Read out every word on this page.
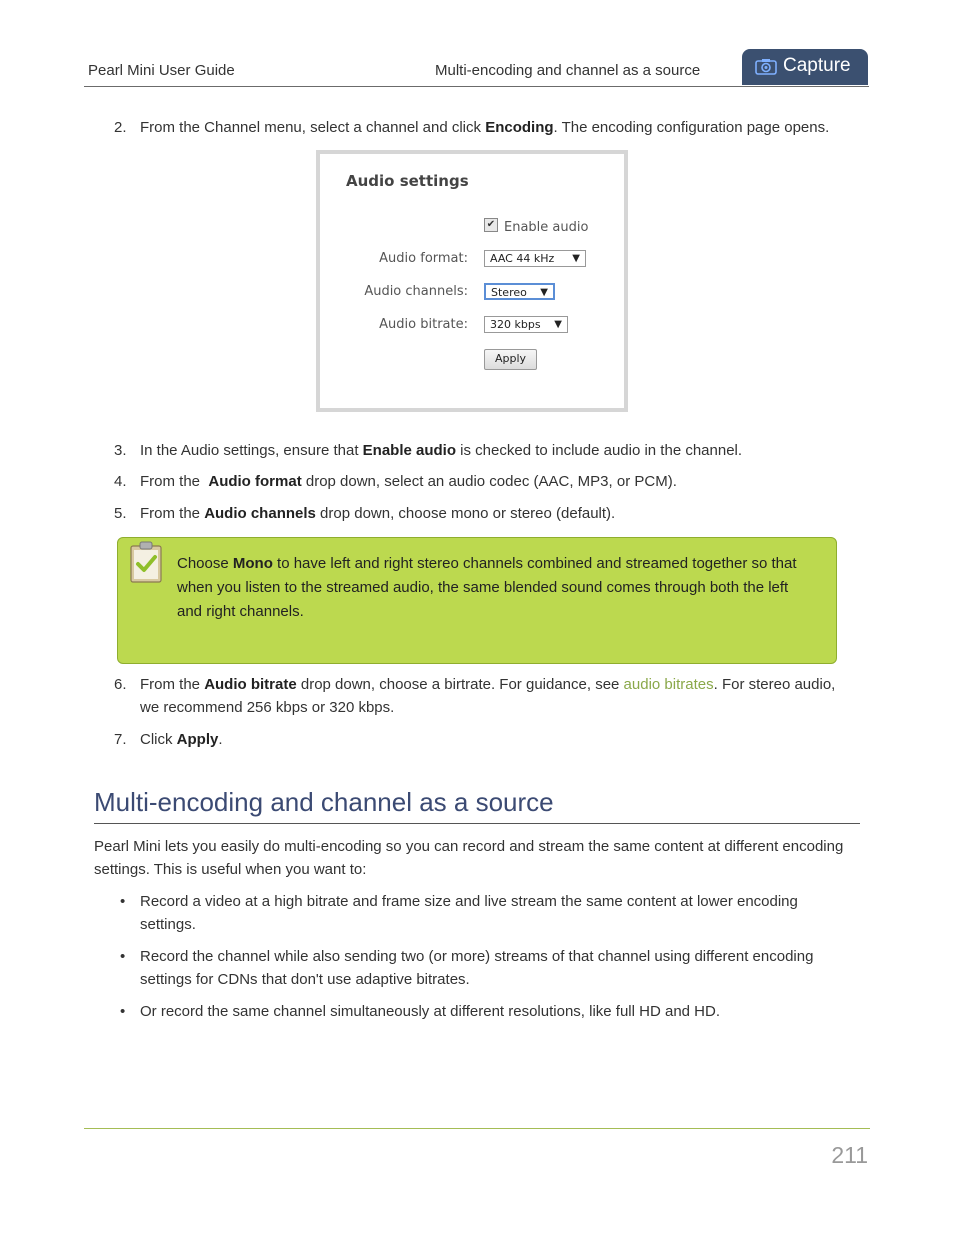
Pearl Mini User Guide	Multi-encoding and channel as a source	Capture
2. From the Channel menu, select a channel and click Encoding. The encoding configuration page opens.
Audio settings
✔ Enable audio
Audio format:	AAC 44 kHz ▼
Audio channels:	Stereo ▼
Audio bitrate:	320 kbps ▼
Apply
3. In the Audio settings, ensure that Enable audio is checked to include audio in the channel.
4. From the  Audio format drop down, select an audio codec (AAC, MP3, or PCM).
5. From the Audio channels drop down, choose mono or stereo (default).
Choose Mono to have left and right stereo channels combined and streamed together so that when you listen to the streamed audio, the same blended sound comes through both the left and right channels.
6. From the Audio bitrate drop down, choose a birtrate. For guidance, see audio bitrates. For stereo audio, we recommend 256 kbps or 320 kbps.
7. Click Apply.
Multi-encoding and channel as a source
Pearl Mini lets you easily do multi-encoding so you can record and stream the same content at different encoding settings. This is useful when you want to:
• Record a video at a high bitrate and frame size and live stream the same content at lower encoding settings.
• Record the channel while also sending two (or more) streams of that channel using different encoding settings for CDNs that don't use adaptive bitrates.
• Or record the same channel simultaneously at different resolutions, like full HD and HD.
211
